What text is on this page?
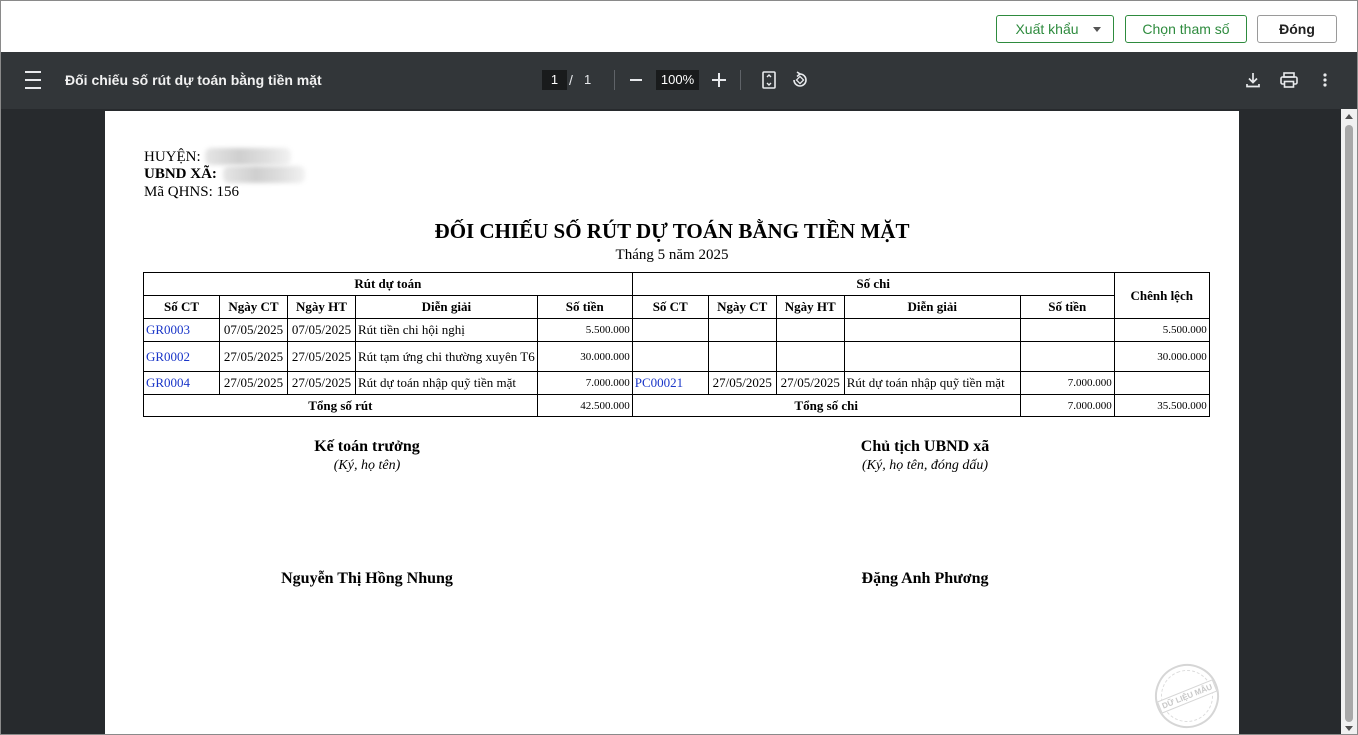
Xuất khẩu	Chọn tham số	Đóng
Đối chiếu số rút dự toán bằng tiền mặt	1 / 1	100%
HUYỆN:
UBND XÃ:
Mã QHNS: 156
ĐỐI CHIẾU SỐ RÚT DỰ TOÁN BẰNG TIỀN MẶT
Tháng 5 năm 2025
Rút dự toán					Số chi					Chênh lệch
Số CT	Ngày CT	Ngày HT	Diễn giải	Số tiền	Số CT	Ngày CT	Ngày HT	Diễn giải	Số tiền	
GR0003	07/05/2025	07/05/2025	Rút tiền chi hội nghị	5.500.000						5.500.000
GR0002	27/05/2025	27/05/2025	Rút tạm ứng chi thường xuyên T6	30.000.000						30.000.000
GR0004	27/05/2025	27/05/2025	Rút dự toán nhập quỹ tiền mặt	7.000.000	PC00021	27/05/2025	27/05/2025	Rút dự toán nhập quỹ tiền mặt	7.000.000	
Tổng số rút				42.500.000	Tổng số chi				7.000.000	35.500.000
Kế toán trưởng
(Ký, họ tên)
Chủ tịch UBND xã
(Ký, họ tên, đóng dấu)
Nguyễn Thị Hồng Nhung	Đặng Anh Phương
DỮ LIỆU MẪU
